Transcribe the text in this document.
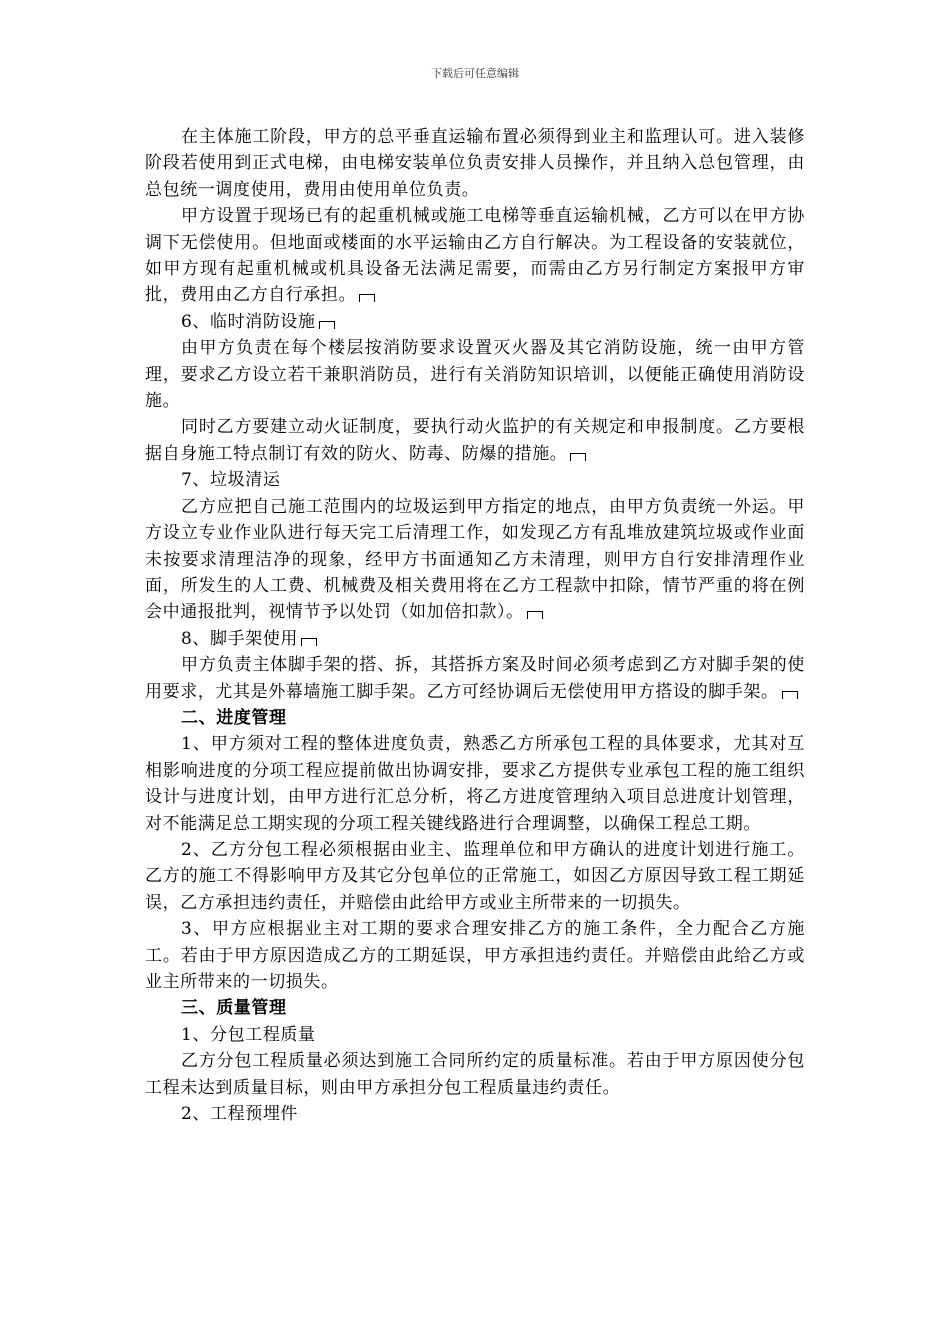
下载后可任意编辑

在主体施工阶段，甲方的总平垂直运输布置必须得到业主和监理认可。进入装修阶段若使用到正式电梯，由电梯安装单位负责安排人员操作，并且纳入总包管理，由总包统一调度使用，费用由使用单位负责。

甲方设置于现场已有的起重机械或施工电梯等垂直运输机械，乙方可以在甲方协调下无偿使用。但地面或楼面的水平运输由乙方自行解决。为工程设备的安装就位，如甲方现有起重机械或机具设备无法满足需要，而需由乙方另行制定方案报甲方审批，费用由乙方自行承担。

6、临时消防设施

由甲方负责在每个楼层按消防要求设置灭火器及其它消防设施，统一由甲方管理，要求乙方设立若干兼职消防员，进行有关消防知识培训，以便能正确使用消防设施。

同时乙方要建立动火证制度，要执行动火监护的有关规定和申报制度。乙方要根据自身施工特点制订有效的防火、防毒、防爆的措施。

7、垃圾清运

乙方应把自己施工范围内的垃圾运到甲方指定的地点，由甲方负责统一外运。甲方设立专业作业队进行每天完工后清理工作，如发现乙方有乱堆放建筑垃圾或作业面未按要求清理洁净的现象，经甲方书面通知乙方未清理，则甲方自行安排清理作业面，所发生的人工费、机械费及相关费用将在乙方工程款中扣除，情节严重的将在例会中通报批判，视情节予以处罚（如加倍扣款）。

8、脚手架使用

甲方负责主体脚手架的搭、拆，其搭拆方案及时间必须考虑到乙方对脚手架的使用要求，尤其是外幕墙施工脚手架。乙方可经协调后无偿使用甲方搭设的脚手架。

二、进度管理

1、甲方须对工程的整体进度负责，熟悉乙方所承包工程的具体要求，尤其对互相影响进度的分项工程应提前做出协调安排，要求乙方提供专业承包工程的施工组织设计与进度计划，由甲方进行汇总分析，将乙方进度管理纳入项目总进度计划管理，对不能满足总工期实现的分项工程关键线路进行合理调整，以确保工程总工期。

2、乙方分包工程必须根据由业主、监理单位和甲方确认的进度计划进行施工。乙方的施工不得影响甲方及其它分包单位的正常施工，如因乙方原因导致工程工期延误，乙方承担违约责任，并赔偿由此给甲方或业主所带来的一切损失。

3、甲方应根据业主对工期的要求合理安排乙方的施工条件，全力配合乙方施工。若由于甲方原因造成乙方的工期延误，甲方承担违约责任。并赔偿由此给乙方或业主所带来的一切损失。

三、质量管理

1、分包工程质量

乙方分包工程质量必须达到施工合同所约定的质量标准。若由于甲方原因使分包工程未达到质量目标，则由甲方承担分包工程质量违约责任。

2、工程预埋件
